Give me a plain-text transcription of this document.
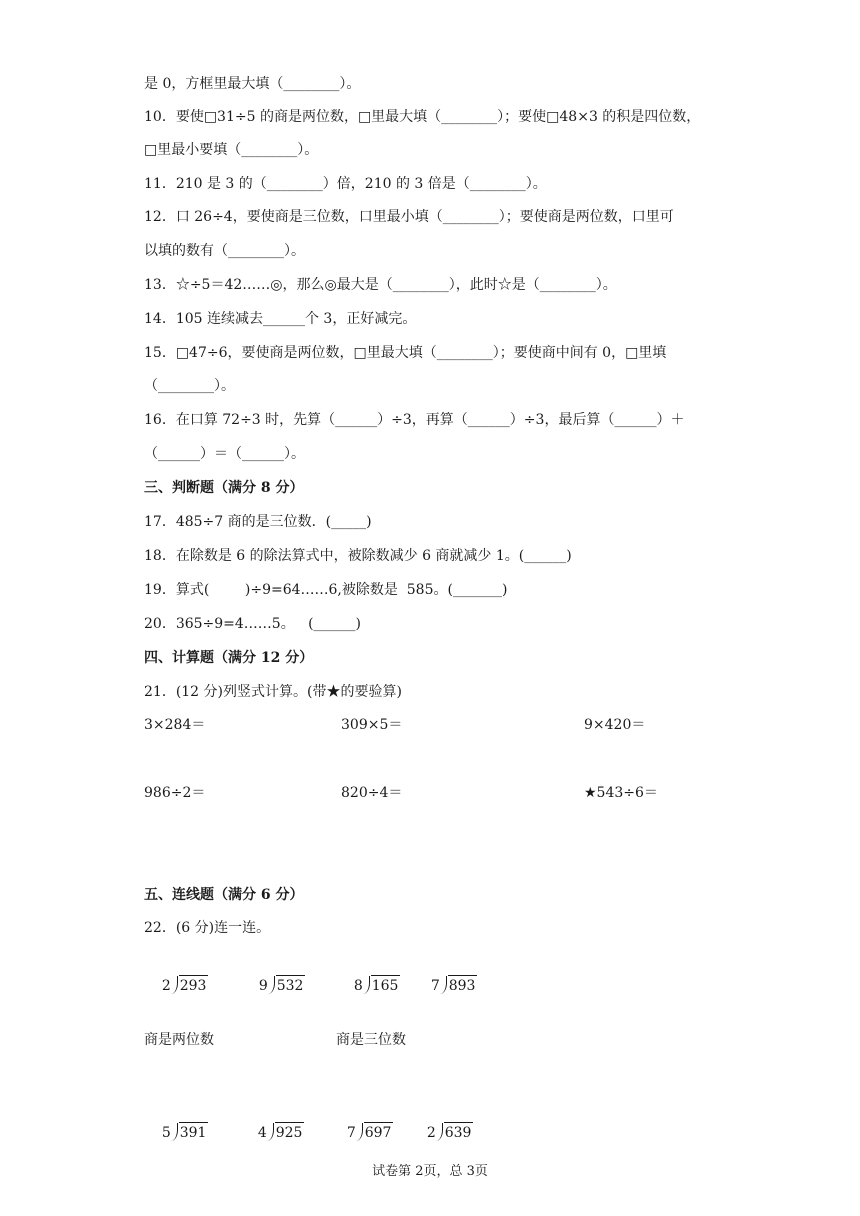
是 0，方框里最大填（________）。
10．要使□31÷5 的商是两位数，□里最大填（________）；要使□48×3 的积是四位数，
□里最小要填（________）。
11．210 是 3 的（________）倍，210 的 3 倍是（________）。
12．口 26÷4，要使商是三位数，口里最小填（________）；要使商是两位数，口里可
以填的数有（________）。
13．☆÷5＝42……◎，那么◎最大是（________），此时☆是（________）。
14．105 连续减去______个 3，正好减完。
15．□47÷6，要使商是两位数，□里最大填（________）；要使商中间有 0，□里填
（________）。
16．在口算 72÷3 时，先算（______）÷3，再算（______）÷3，最后算（______）＋
（______）＝（______）。
三、判断题（满分 8 分）
17．485÷7 商的是三位数．(_____)
18．在除数是 6 的除法算式中，被除数减少 6 商就减少 1。(______)
19．算式(        )÷9=64……6,被除数是  585。(_______)
20．365÷9=4……5。   (______)
四、计算题（满分 12 分）
21．(12 分)列竖式计算。(带★的要验算)
3×284＝	309×5＝	9×420＝
986÷2＝	820÷4＝	★543÷6＝
五、连线题（满分 6 分）
22．(6 分)连一连。

2 293
	9 532
	8 165
	7 893

商是两位数	商是三位数

5 391
	4 925
	7 697
	2 639

试卷第 2页，总 3页
